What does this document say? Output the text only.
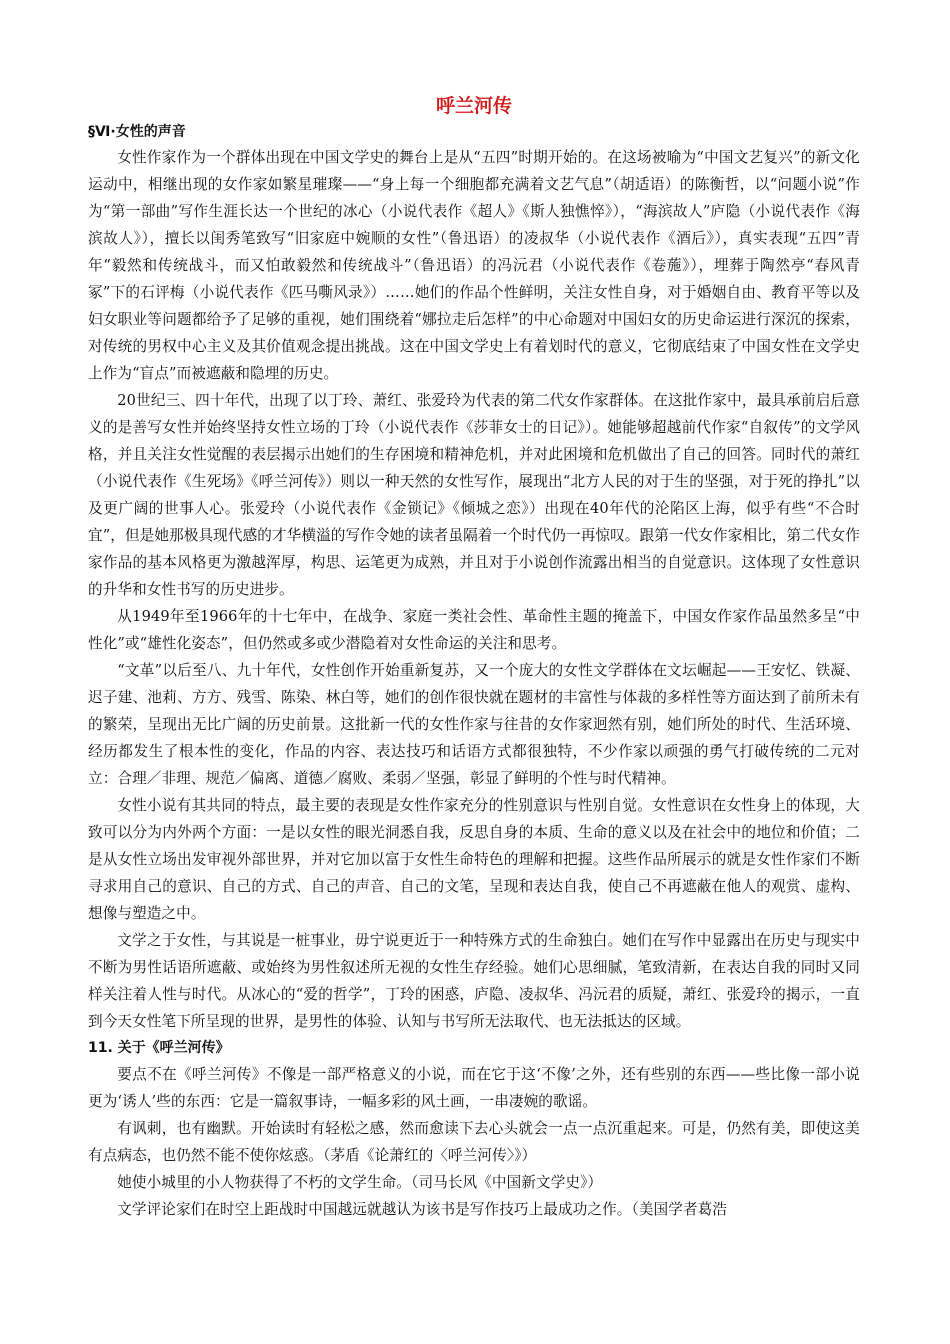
呼兰河传
§Ⅵ·女性的声音

女性作家作为一个群体出现在中国文学史的舞台上是从“五四”时期开始的。在这场被喻为“中国文艺复兴”的新文化运动中，相继出现的女作家如繁星璀璨——“身上每一个细胞都充满着文艺气息”（胡适语）的陈衡哲，以“问题小说”作为“第一部曲”写作生涯长达一个世纪的冰心（小说代表作《超人》《斯人独憔悴》），“海滨故人”庐隐（小说代表作《海滨故人》），擅长以闺秀笔致写“旧家庭中婉顺的女性”（鲁迅语）的凌叔华（小说代表作《酒后》），真实表现“五四”青年“毅然和传统战斗，而又怕敢毅然和传统战斗”（鲁迅语）的冯沅君（小说代表作《卷葹》），埋葬于陶然亭“春风青冢”下的石评梅（小说代表作《匹马嘶风录》）……她们的作品个性鲜明，关注女性自身，对于婚姻自由、教育平等以及妇女职业等问题都给予了足够的重视，她们围绕着“娜拉走后怎样”的中心命题对中国妇女的历史命运进行深沉的探索，对传统的男权中心主义及其价值观念提出挑战。这在中国文学史上有着划时代的意义，它彻底结束了中国女性在文学史上作为“盲点”而被遮蔽和隐埋的历史。

20世纪三、四十年代，出现了以丁玲、萧红、张爱玲为代表的第二代女作家群体。在这批作家中，最具承前启后意义的是善写女性并始终坚持女性立场的丁玲（小说代表作《莎菲女士的日记》）。她能够超越前代作家“自叙传”的文学风格，并且关注女性觉醒的表层揭示出她们的生存困境和精神危机，并对此困境和危机做出了自己的回答。同时代的萧红（小说代表作《生死场》《呼兰河传》）则以一种天然的女性写作，展现出“北方人民的对于生的坚强，对于死的挣扎”以及更广阔的世事人心。张爱玲（小说代表作《金锁记》《倾城之恋》）出现在40年代的沦陷区上海，似乎有些“不合时宜”，但是她那极具现代感的才华横溢的写作令她的读者虽隔着一个时代仍一再惊叹。跟第一代女作家相比，第二代女作家作品的基本风格更为激越浑厚，构思、运笔更为成熟，并且对于小说创作流露出相当的自觉意识。这体现了女性意识的升华和女性书写的历史进步。

从1949年至1966年的十七年中，在战争、家庭一类社会性、革命性主题的掩盖下，中国女作家作品虽然多呈“中性化”或“雄性化姿态”，但仍然或多或少潜隐着对女性命运的关注和思考。

“文革”以后至八、九十年代，女性创作开始重新复苏，又一个庞大的女性文学群体在文坛崛起——王安忆、铁凝、迟子建、池莉、方方、残雪、陈染、林白等，她们的创作很快就在题材的丰富性与体裁的多样性等方面达到了前所未有的繁荣，呈现出无比广阔的历史前景。这批新一代的女性作家与往昔的女作家迥然有别，她们所处的时代、生活环境、经历都发生了根本性的变化，作品的内容、表达技巧和话语方式都很独特，不少作家以顽强的勇气打破传统的二元对立：合理／非理、规范／偏离、道德／腐败、柔弱／坚强，彰显了鲜明的个性与时代精神。

女性小说有其共同的特点，最主要的表现是女性作家充分的性别意识与性别自觉。女性意识在女性身上的体现，大致可以分为内外两个方面：一是以女性的眼光洞悉自我，反思自身的本质、生命的意义以及在社会中的地位和价值；二是从女性立场出发审视外部世界，并对它加以富于女性生命特色的理解和把握。这些作品所展示的就是女性作家们不断寻求用自己的意识、自己的方式、自己的声音、自己的文笔，呈现和表达自我，使自己不再遮蔽在他人的观赏、虚构、想像与塑造之中。

文学之于女性，与其说是一桩事业，毋宁说更近于一种特殊方式的生命独白。她们在写作中显露出在历史与现实中不断为男性话语所遮蔽、或始终为男性叙述所无视的女性生存经验。她们心思细腻，笔致清新，在表达自我的同时又同样关注着人性与时代。从冰心的“爱的哲学”，丁玲的困惑，庐隐、凌叔华、冯沅君的质疑，萧红、张爱玲的揭示，一直到今天女性笔下所呈现的世界，是男性的体验、认知与书写所无法取代、也无法抵达的区域。

11. 关于《呼兰河传》

要点不在《呼兰河传》不像是一部严格意义的小说，而在它于这‘不像’之外，还有些别的东西——些比像一部小说更为‘诱人’些的东西：它是一篇叙事诗，一幅多彩的风土画，一串凄婉的歌谣。

有讽刺，也有幽默。开始读时有轻松之感，然而愈读下去心头就会一点一点沉重起来。可是，仍然有美，即使这美有点病态，也仍然不能不使你炫惑。（茅盾《论萧红的〈呼兰河传〉》）

她使小城里的小人物获得了不朽的文学生命。（司马长风《中国新文学史》）

文学评论家们在时空上距战时中国越远就越认为该书是写作技巧上最成功之作。（美国学者葛浩
